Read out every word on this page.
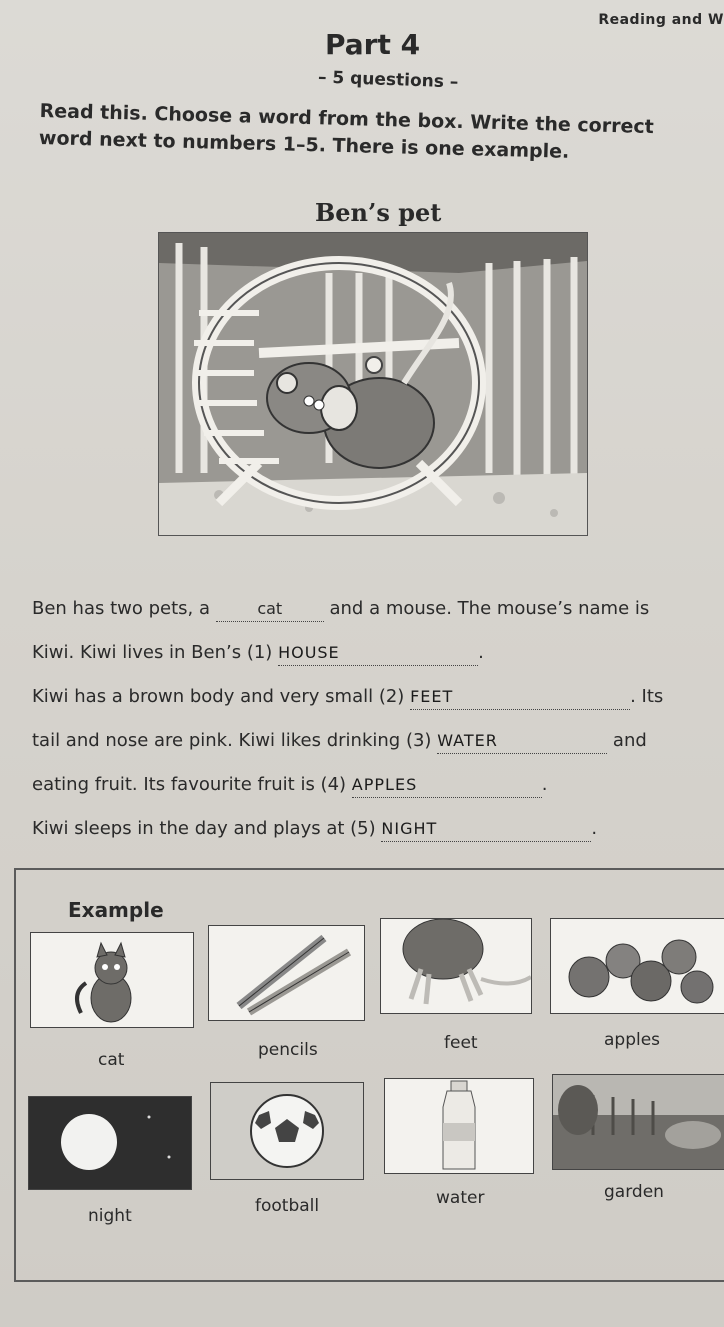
Reading and W
Part 4
– 5 questions –
Read this. Choose a word from the box. Write the correct word next to numbers 1–5. There is one example.
Ben’s pet
Ben has two pets, a	cat	and a mouse. The mouse’s name is
Kiwi. Kiwi lives in Ben’s (1) HOUSE	.
Kiwi has a brown body and very small (2) FEET	. Its
tail and nose are pink. Kiwi likes drinking (3) WATER	and
eating fruit. Its favourite fruit is (4) APPLES	.
Kiwi sleeps in the day and plays at (5) NIGHT	.
Example
cat	pencils	feet	apples
night	football	water	garden
